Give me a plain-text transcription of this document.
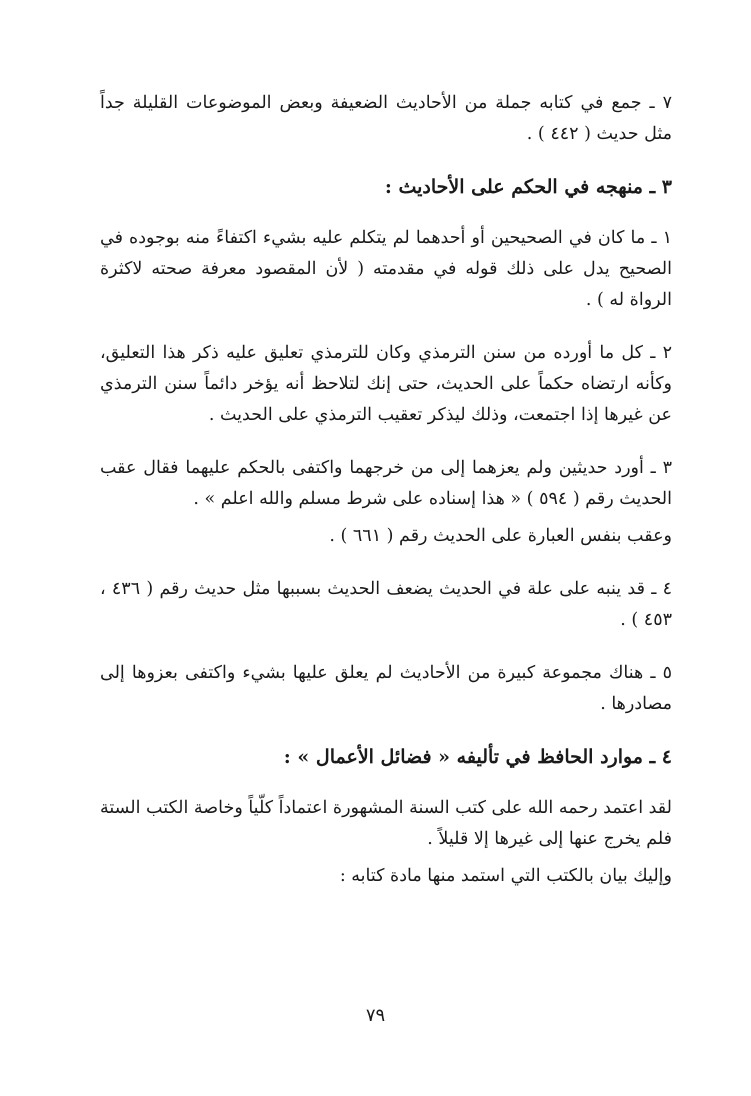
٧ ـ جمع في كتابه جملة من الأحاديث الضعيفة وبعض الموضوعات القليلة جداً مثل حديث ( ٤٤٢ ) .

٣ ـ منهجه في الحكم على الأحاديث :

١ ـ ما كان في الصحيحين أو أحدهما لم يتكلم عليه بشيء اكتفاءً منه بوجوده في الصحيح يدل على ذلك قوله في مقدمته ( لأن المقصود معرفة صحته لاكثرة الرواة له ) .

٢ ـ كل ما أورده من سنن الترمذي وكان للترمذي تعليق عليه ذكر هذا التعليق، وكأنه ارتضاه حكماً على الحديث، حتى إنك لتلاحظ أنه يؤخر دائماً سنن الترمذي عن غيرها إذا اجتمعت، وذلك ليذكر تعقيب الترمذي على الحديث .

٣ ـ أورد حديثين ولم يعزهما إلى من خرجهما واكتفى بالحكم عليهما فقال عقب الحديث رقم ( ٥٩٤ ) « هذا إسناده على شرط مسلم والله اعلم » .

وعقب بنفس العبارة على الحديث رقم ( ٦٦١ ) .

٤ ـ قد ينبه على علة في الحديث يضعف الحديث بسببها مثل حديث رقم ( ٤٣٦ ، ٤٥٣ ) .

٥ ـ هناك مجموعة كبيرة من الأحاديث لم يعلق عليها بشيء واكتفى بعزوها إلى مصادرها .

٤ ـ موارد الحافظ في تأليفه « فضائل الأعمال » :

لقد اعتمد رحمه الله على كتب السنة المشهورة اعتماداً كلّياً وخاصة الكتب الستة فلم يخرج عنها إلى غيرها إلا قليلاً .

وإليك بيان بالكتب التي استمد منها مادة كتابه :

٧٩
